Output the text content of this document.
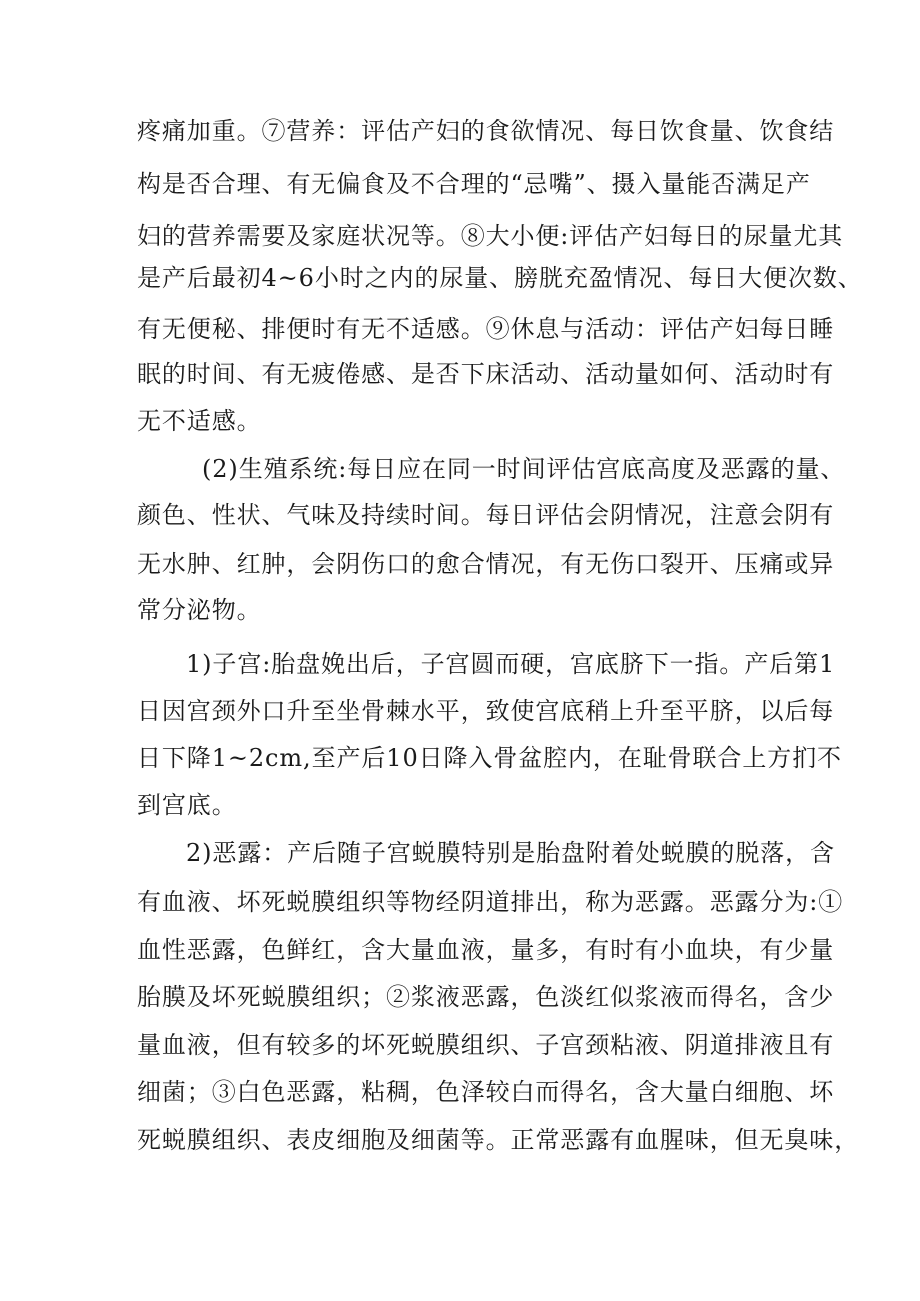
疼痛加重。⑦营养：评估产妇的食欲情况、每日饮食量、饮食结
构是否合理、有无偏食及不合理的“忌嘴”、摄入量能否满足产
妇的营养需要及家庭状况等。⑧大小便:评估产妇每日的尿量尤其
是产后最初4~6小时之内的尿量、膀胱充盈情况、每日大便次数、
有无便秘、排便时有无不适感。⑨休息与活动：评估产妇每日睡
眠的时间、有无疲倦感、是否下床活动、活动量如何、活动时有
无不适感。
(2)生殖系统:每日应在同一时间评估宫底高度及恶露的量、
颜色、性状、气味及持续时间。每日评估会阴情况，注意会阴有
无水肿、红肿，会阴伤口的愈合情况，有无伤口裂开、压痛或异
常分泌物。
1)子宫:胎盘娩出后，子宫圆而硬，宫底脐下一指。产后第1
日因宫颈外口升至坐骨棘水平，致使宫底稍上升至平脐，以后每
日下降1~2cm,至产后10日降入骨盆腔内，在耻骨联合上方扪不
到宫底。
2)恶露：产后随子宫蜕膜特别是胎盘附着处蜕膜的脱落，含
有血液、坏死蜕膜组织等物经阴道排出，称为恶露。恶露分为:①
血性恶露，色鲜红，含大量血液，量多，有时有小血块，有少量
胎膜及坏死蜕膜组织；②浆液恶露，色淡红似浆液而得名，含少
量血液，但有较多的坏死蜕膜组织、子宫颈粘液、阴道排液且有
细菌；③白色恶露，粘稠，色泽较白而得名，含大量白细胞、坏
死蜕膜组织、表皮细胞及细菌等。正常恶露有血腥味，但无臭味，
